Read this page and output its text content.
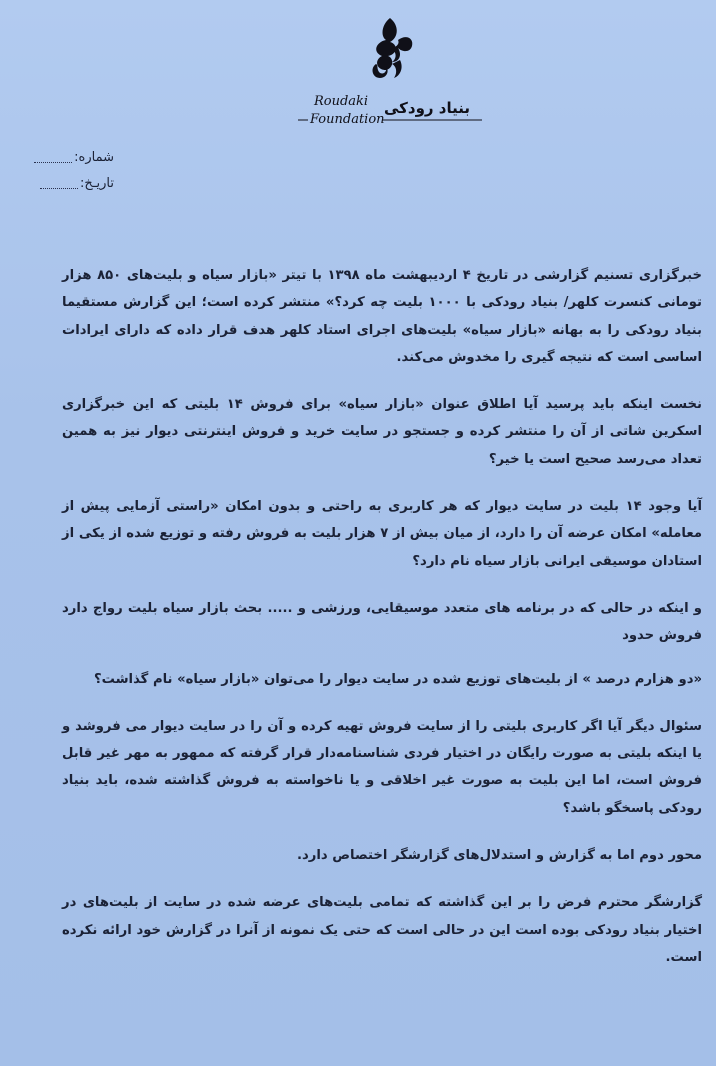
Roudaki
Foundation
بنیاد رودکی
شماره:
تاریـخ:

خبرگزاری تسنیم گزارشی در تاریخ ۴ اردیبهشت ماه ۱۳۹۸ با تیتر «بازار سیاه و بلیت‌های ۸۵۰ هزار تومانی کنسرت کلهر/ بنیاد رودکی با ۱۰۰۰ بلیت چه کرد؟» منتشر کرده است؛ این گزارش مستقیما بنیاد رودکی را به بهانه «بازار سیاه» بلیت‌های اجرای استاد کلهر هدف قرار داده که دارای ایرادات اساسی است که نتیجه گیری را مخدوش می‌کند.

نخست اینکه باید پرسید آیا اطلاق عنوان «بازار سیاه» برای فروش ۱۴ بلیتی که این خبرگزاری اسکرین شاتی از آن را منتشر کرده و جستجو در سایت خرید و فروش اینترنتی دیوار نیز به همین تعداد می‌رسد صحیح است یا خیر؟

آیا وجود ۱۴ بلیت در سایت دیوار که هر کاربری به راحتی و بدون امکان «راستی آزمایی پیش از معامله» امکان عرضه آن را دارد، از میان بیش از ۷ هزار بلیت به فروش رفته و توزیع شده از یکی از استادان موسیقی ایرانی بازار سیاه نام دارد؟

و اینکه در حالی که در برنامه های متعدد موسیقایی، ورزشی و ..... بحث بازار سیاه بلیت رواج دارد فروش حدود

«دو هزارم درصد » از بلیت‌های توزیع شده در سایت دیوار را می‌توان «بازار سیاه» نام گذاشت؟

سئوال دیگر آیا اگر کاربری بلیتی را از سایت فروش تهیه کرده و آن را در سایت دیوار می فروشد و یا اینکه بلیتی به صورت رایگان در اختیار فردی شناسنامه‌دار قرار گرفته که ممهور به مهر غیر قابل فروش است، اما این بلیت به صورت غیر اخلاقی و یا ناخواسته به فروش گذاشته شده، باید بنیاد رودکی پاسخگو باشد؟

محور دوم اما به گزارش و استدلال‌های گزارشگر اختصاص دارد.

گزارشگر محترم فرض را بر این گذاشته که تمامی بلیت‌های عرضه شده در سایت از بلیت‌های در اختیار بنیاد رودکی بوده است این در حالی است که حتی یک نمونه از آنرا در گزارش خود ارائه نکرده است.
